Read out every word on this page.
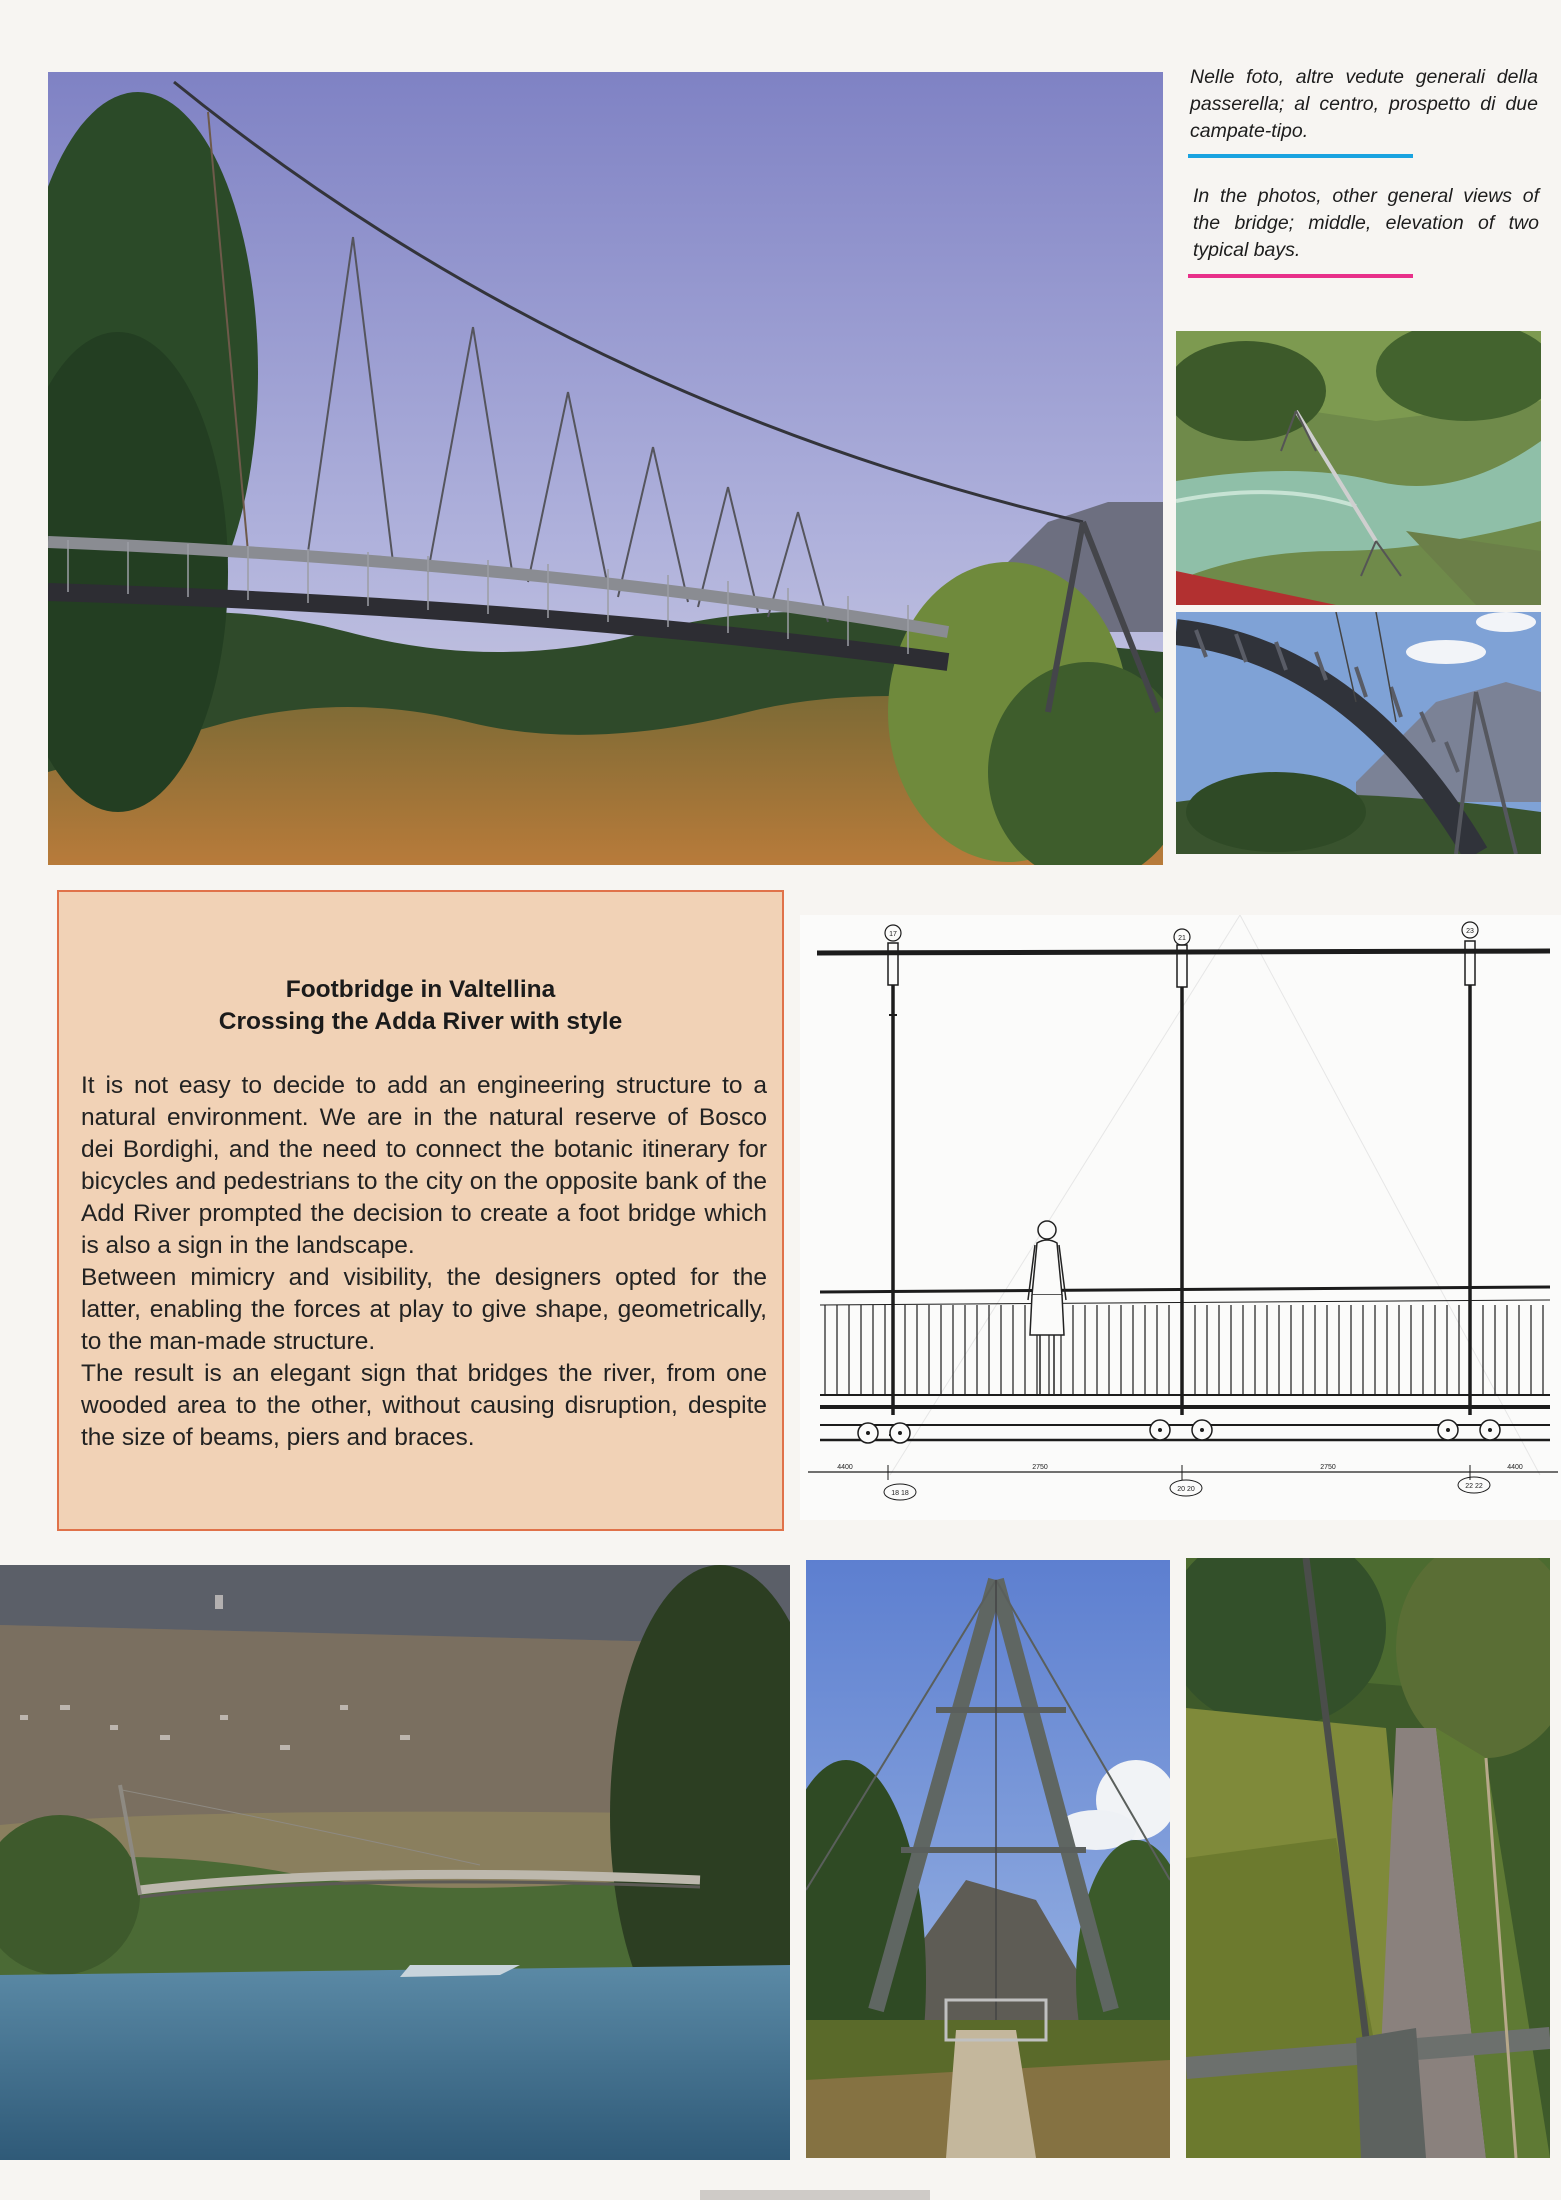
Nelle foto, altre vedute generali della passerella; al centro, prospetto di due campate-tipo.
In the photos, other general views of the bridge; middle, elevation of two typical bays.
Footbridge in Valtellina
Crossing the Adda River with style

It is not easy to decide to add an engineering structure to a natural environment. We are in the natural reserve of Bosco dei Bordighi, and the need to connect the botanic itinerary for bicycles and pedestrians to the city on the opposite bank of the Add River prompted the decision to create a foot bridge which is also a sign in the landscape.
Between mimicry and visibility, the designers opted for the latter, enabling the forces at play to give shape, geometrically, to the man-made structure.
The result is an elegant sign that bridges the river, from one wooded area to the other, without causing disruption, despite the size of beams, piers and braces.

17
21
23
4400	2750	2750	4400
18 18
20 20	22 22
